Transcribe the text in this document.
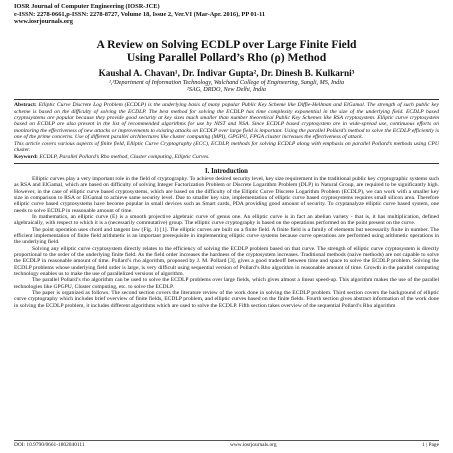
IOSR Journal of Computer Engineering (IOSR-JCE)
e-ISSN: 2278-0661,p-ISSN: 2278-8727, Volume 18, Issue 2, Ver.VI (Mar-Apr. 2016), PP 01-11
www.iosrjournals.org
A Review on Solving ECDLP over Large Finite Field
Using Parallel Pollard’s Rho (ρ) Method
Kaushal A. Chavan¹, Dr. Indivar Gupta², Dr. Dinesh B. Kulkarni³
¹,³Department of Information Technology, Walchand College of Engineering, Sangli, MS, India
²SAG, DRDO, New Delhi, India
Abstract: Elliptic Curve Discrete Log Problem (ECDLP) is the underlying basis of many popular Public Key Scheme like Diffie-Hellman and ElGamal. The strength of such public key scheme is based on the difficulty of solving the ECDLP. The best method for solving the ECDLP has time complexity exponential in the size of the underlying field. ECDLP based cryptosystems are popular because they provide good security at key sizes much smaller than number theoretical Public Key Schemes like RSA cryptosystem. Elliptic curve cryptosystem based on ECDLP are also present in the list of recommended algorithms for use by NIST and NSA. Since ECDLP based cryptosystem are in wide-spread use, continuous efforts on monitoring the effectiveness of new attacks or improvements to existing attacks on ECDLP over large field is important. Using the parallel Pollard’s method to solve the ECDLP efficiently is one of the prime concerns. Use of different parallel architectures like cluster computing (MPI), GPGPU, FPGA cluster increases the effectiveness of attack.
This article covers various aspects of finite field, Elliptic Curve Cryptography (ECC), ECDLP, methods for solving ECDLP along with emphasis on parallel Pollard’s methods using CPU cluster.
Keyword: ECDLP, Parallel Pollard’s Rho method, Cluster computing, Elliptic Curves.
I. Introduction

Elliptic curves play a very important role in the field of cryptography. To achieve desired security level, key size requirement in the traditional public key cryptographic systems such as RSA and ElGamal, which are based on difficulty of solving Integer Factorization Problem or Discrete Logarithm Problem (DLP) in Natural Group, are required to be significantly high. However, in the case of elliptic curve based cryptosystems, which are based on the difficulty of the Elliptic Curve Discrete Logarithm Problem (ECDLP), we can work with a smaller key size in comparison to RSA or ElGamal to achieve same security level. Due to smaller key size, implementation of elliptic curve based cryptosystems requires small silicon area. Therefore elliptic curve based cryptosystems have become popular in small devices such as Smart cards, PDA providing good amount of security. To cryptanalyze elliptic curve based system, one needs to solve ECDLP in reasonable amount of time.

In mathematics, an elliptic curve (E) is a smooth projective algebraic curve of genus one. An elliptic curve is in fact an abelian variety - that is, it has multiplication, defined algebraically, with respect to which it is a (necessarily commutative) group. The elliptic curve cryptography is based on the operations performed on the point present on the curve.

The point operation uses chord and tangent law (Fig. 1) [1]. The elliptic curves are built on a finite field. A finite field is a family of elements but necessarily finite in number. The efficient implementation of finite field arithmetic is an important prerequisite in implementing elliptic curve systems because curve operations are performed using arithmetic operations in the underlying field.

Solving any elliptic curve cryptosystem directly relates to the efficiency of solving the ECDLP problem based on that curve. The strength of elliptic curve cryptosystem is directly proportional to the order of the underlying finite field. As the field order increases the hardness of the cryptosystem increases. Traditional methods (naive methods) are not capable to solve the ECDLP in reasonable amount of time. Pollard’s rho algorithm, proposed by J. M. Pollard [3], gives a good tradeoff between time and space to solve the ECDLP problem. Solving the ECDLP problems whose underlying field order is large, is very difficult using sequential version of Pollard’s Rho algorithm in reasonable amount of time. Growth in the parallel computing technology enables us to make the use of parallelized versions of algorithm.

The parallel Pollard’s rho algorithm can be used to solve the ECDLP problems over large fields, which gives almost a linear speed-up. This algorithm makes the use of the parallel technologies like GPGPU, Cluster computing, etc. to solve the ECDLP.

The paper is organized as follows. The second section covers the literature review of the work done in solving the ECDLP problem. Third section covers the background of elliptic curve cryptography which includes brief overview of finite fields, ECDLP problem, and elliptic curves based on the finite fields. Fourth section gives abstract information of the work done in solving the ECDLP problem, it includes different algorithms which are used to solve the ECDLP. Fifth section takes overview of the sequential Pollard’s Rho algorithm

DOI: 10.9790/0661-1802040111	www.iosrjournals.org	1 | Page
